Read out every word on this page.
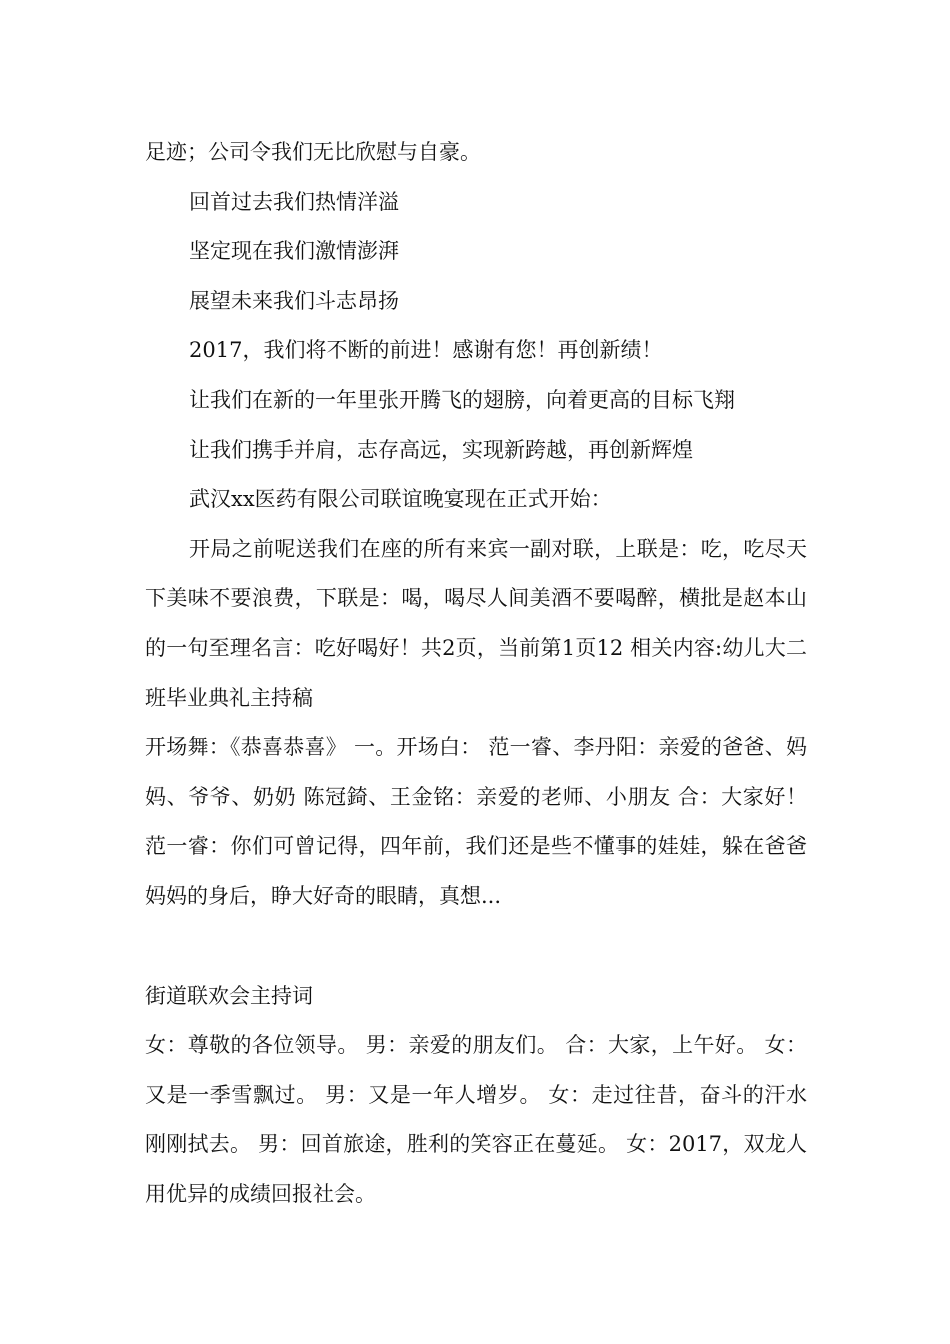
足迹；公司令我们无比欣慰与自豪。

回首过去我们热情洋溢

坚定现在我们激情澎湃

展望未来我们斗志昂扬

2017，我们将不断的前进！感谢有您！再创新绩！

让我们在新的一年里张开腾飞的翅膀，向着更高的目标飞翔

让我们携手并肩，志存高远，实现新跨越，再创新辉煌

武汉xx医药有限公司联谊晚宴现在正式开始：

开局之前呢送我们在座的所有来宾一副对联，上联是：吃，吃尽天下美味不要浪费，下联是：喝，喝尽人间美酒不要喝醉，横批是赵本山的一句至理名言：吃好喝好！共2页，当前第1页12 相关内容:幼儿大二班毕业典礼主持稿

开场舞：《恭喜恭喜》 一。开场白： 范一睿、李丹阳：亲爱的爸爸、妈妈、爷爷、奶奶 陈冠錡、王金铭：亲爱的老师、小朋友 合：大家好！ 范一睿：你们可曾记得，四年前，我们还是些不懂事的娃娃，躲在爸爸妈妈的身后，睁大好奇的眼睛，真想...

街道联欢会主持词

女：尊敬的各位领导。 男：亲爱的朋友们。 合：大家，上午好。 女：又是一季雪飘过。 男：又是一年人增岁。 女：走过往昔，奋斗的汗水刚刚拭去。 男：回首旅途，胜利的笑容正在蔓延。 女：2017，双龙人用优异的成绩回报社会。
